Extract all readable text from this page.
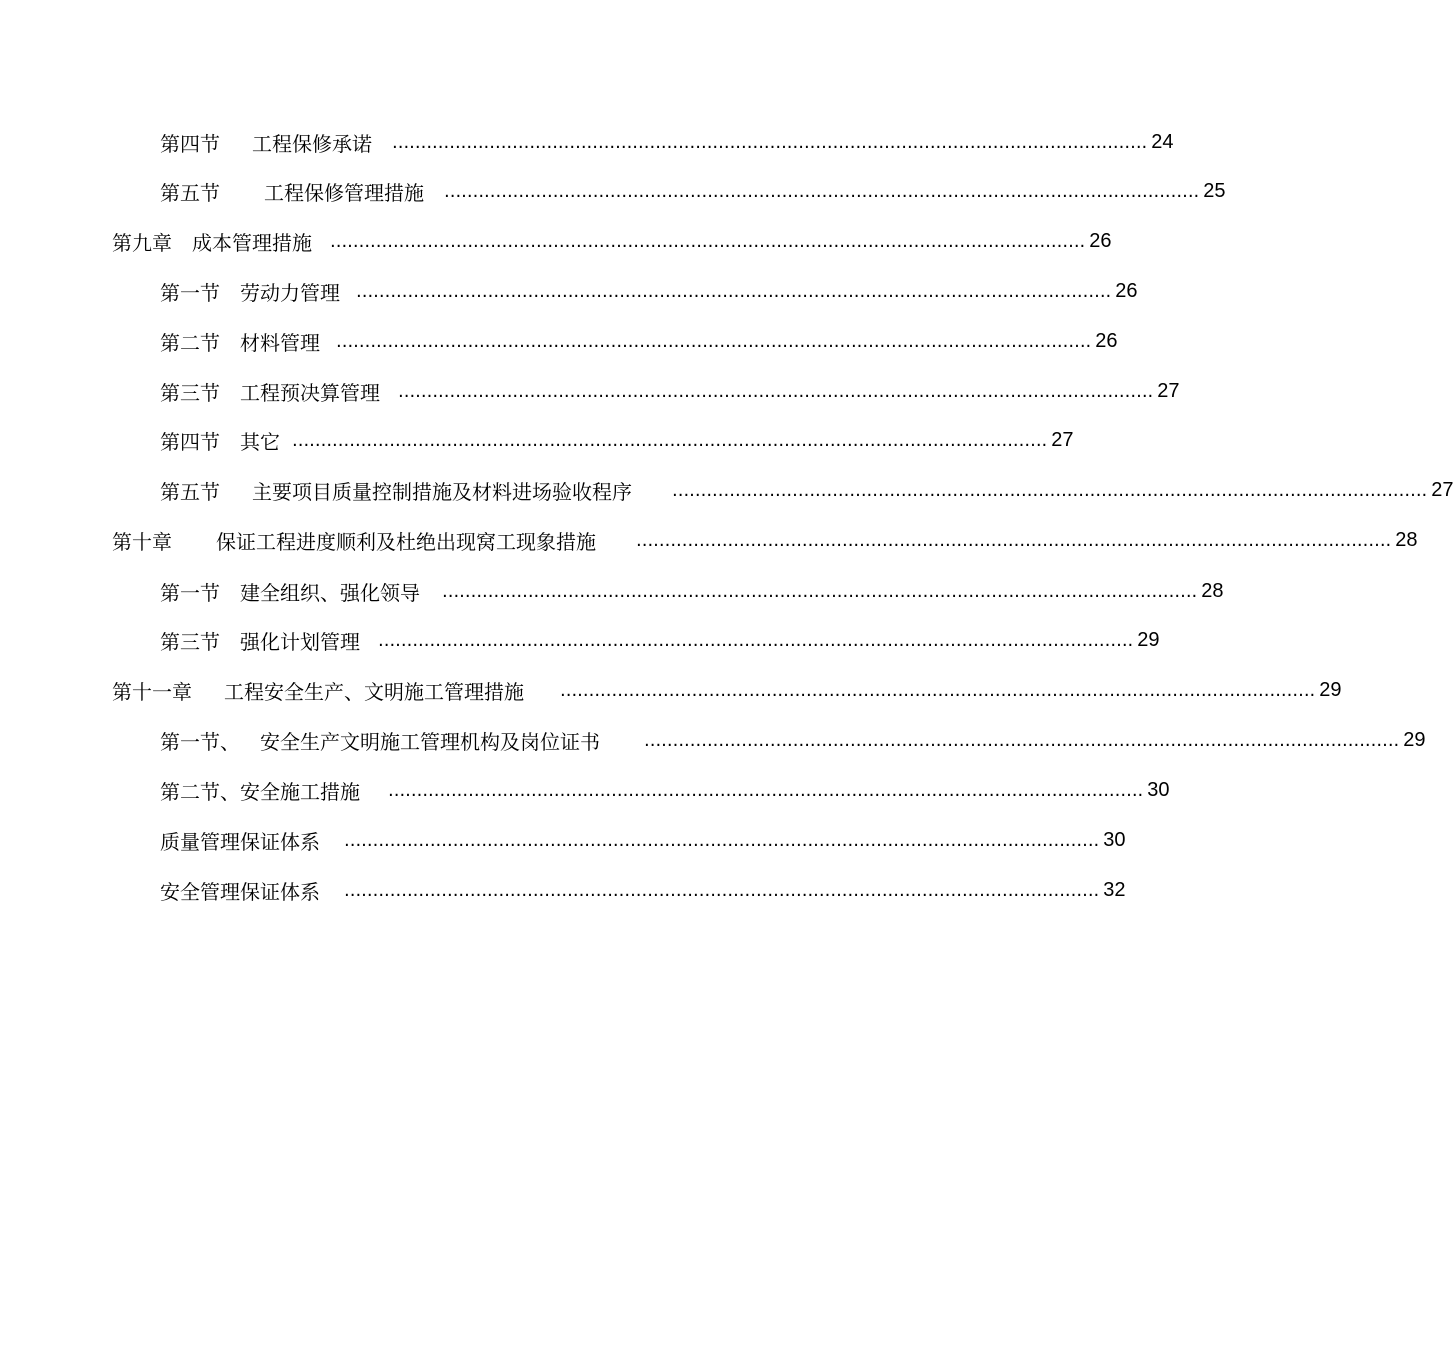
第四节 工程保修承诺 .................................................................................................................................... 24
第五节 工程保修管理措施 .................................................................................................................................... 25
第九章 成本管理措施 .................................................................................................................................... 26
第一节 劳动力管理 .................................................................................................................................... 26
第二节 材料管理 .................................................................................................................................... 26
第三节 工程预决算管理 .................................................................................................................................... 27
第四节 其它 .................................................................................................................................... 27
第五节 主要项目质量控制措施及材料进场验收程序 .................................................................................................................................... 27
第十章 保证工程进度顺利及杜绝出现窝工现象措施 .................................................................................................................................... 28
第一节 建全组织、强化领导 .................................................................................................................................... 28
第三节 强化计划管理 .................................................................................................................................... 29
第十一章 工程安全生产、文明施工管理措施 .................................................................................................................................... 29
第一节、 安全生产文明施工管理机构及岗位证书 .................................................................................................................................... 29
第二节、 安全施工措施 .................................................................................................................................... 30
质量管理保证体系 .................................................................................................................................... 30
安全管理保证体系 .................................................................................................................................... 32
